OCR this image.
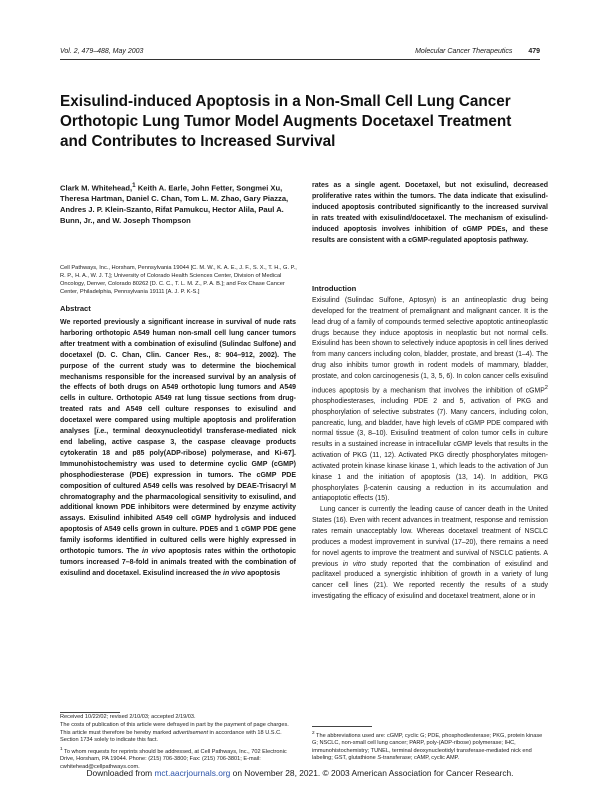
Vol. 2, 479–488, May 2003	Molecular Cancer Therapeutics 479
Exisulind-induced Apoptosis in a Non-Small Cell Lung Cancer Orthotopic Lung Tumor Model Augments Docetaxel Treatment and Contributes to Increased Survival
Clark M. Whitehead,$^1$ Keith A. Earle, John Fetter, Songmei Xu, Theresa Hartman, Daniel C. Chan, Tom L. M. Zhao, Gary Piazza, Andres J. P. Klein-Szanto, Rifat Pamukcu, Hector Alila, Paul A. Bunn, Jr., and W. Joseph Thompson
Cell Pathways, Inc., Horsham, Pennsylvania 19044 [C. M. W., K. A. E., J. F., S. X., T. H., G. P., R. P., H. A., W. J. T.]; University of Colorado Health Sciences Center, Division of Medical Oncology, Denver, Colorado 80262 [D. C. C., T. L. M. Z., P. A. B.]; and Fox Chase Cancer Center, Philadelphia, Pennsylvania 19111 [A. J. P. K-S.]
Abstract

We reported previously a significant increase in survival of nude rats harboring orthotopic A549 human non-small cell lung cancer tumors after treatment with a combination of exisulind (Sulindac Sulfone) and docetaxel (D. C. Chan, Clin. Cancer Res., 8: 904–912, 2002). The purpose of the current study was to determine the biochemical mechanisms responsible for the increased survival by an analysis of the effects of both drugs on A549 orthotopic lung tumors and A549 cells in culture. Orthotopic A549 rat lung tissue sections from drug-treated rats and A549 cell culture responses to exisulind and docetaxel were compared using multiple apoptosis and proliferation analyses [i.e., terminal deoxynucleotidyl transferase-mediated nick end labeling, active caspase 3, the caspase cleavage products cytokeratin 18 and p85 poly(ADP-ribose) polymerase, and Ki-67]. Immunohistochemistry was used to determine cyclic GMP (cGMP) phosphodiesterase (PDE) expression in tumors. The cGMP PDE composition of cultured A549 cells was resolved by DEAE-Trisacryl M chromatography and the pharmacological sensitivity to exisulind, and additional known PDE inhibitors were determined by enzyme activity assays. Exisulind inhibited A549 cell cGMP hydrolysis and induced apoptosis of A549 cells grown in culture. PDE5 and 1 cGMP PDE gene family isoforms identified in cultured cells were highly expressed in orthotopic tumors. The in vivo apoptosis rates within the orthotopic tumors increased 7–8-fold in animals treated with the combination of exisulind and docetaxel. Exisulind increased the in vivo apoptosis

rates as a single agent. Docetaxel, but not exisulind, decreased proliferative rates within the tumors. The data indicate that exisulind-induced apoptosis contributed significantly to the increased survival in rats treated with exisulind/docetaxel. The mechanism of exisulind-induced apoptosis involves inhibition of cGMP PDEs, and these results are consistent with a cGMP-regulated apoptosis pathway.

Introduction

Exisulind (Sulindac Sulfone, Aptosyn) is an antineoplastic drug being developed for the treatment of premalignant and malignant cancer. It is the lead drug of a family of compounds termed selective apoptotic antineoplastic drugs because they induce apoptosis in neoplastic but not normal cells. Exisulind has been shown to selectively induce apoptosis in cell lines derived from many cancers including colon, bladder, prostate, and breast (1–4). The drug also inhibits tumor growth in rodent models of mammary, bladder, prostate, and colon carcinogenesis (1, 3, 5, 6). In colon cancer cells exisulind induces apoptosis by a mechanism that involves the inhibition of cGMP$^2$ phosphodiesterases, including PDE 2 and 5, activation of PKG and phosphorylation of selective substrates (7). Many cancers, including colon, pancreatic, lung, and bladder, have high levels of cGMP PDE compared with normal tissue (3, 8–10). Exisulind treatment of colon tumor cells in culture results in a sustained increase in intracellular cGMP levels that results in the activation of PKG (11, 12). Activated PKG directly phosphorylates mitogen-activated protein kinase kinase kinase 1, which leads to the activation of Jun kinase 1 and the initiation of apoptosis (13, 14). In addition, PKG phosphorylates β-catenin causing a reduction in its accumulation and antiapoptotic effects (15).

Lung cancer is currently the leading cause of cancer death in the United States (16). Even with recent advances in treatment, response and remission rates remain unacceptably low. Whereas docetaxel treatment of NSCLC produces a modest improvement in survival (17–20), there remains a need for novel agents to improve the treatment and survival of NSCLC patients. A previous in vitro study reported that the combination of exisulind and paclitaxel produced a synergistic inhibition of growth in a variety of lung cancer cell lines (21). We reported recently the results of a study investigating the efficacy of exisulind and docetaxel treatment, alone or in

Received 10/22/02; revised 2/10/03; accepted 2/19/03.

The costs of publication of this article were defrayed in part by the payment of page charges. This article must therefore be hereby marked advertisement in accordance with 18 U.S.C. Section 1734 solely to indicate this fact.

$^1$ To whom requests for reprints should be addressed, at Cell Pathways, Inc., 702 Electronic Drive, Horsham, PA 19044. Phone: (215) 706-3800; Fax: (215) 706-3801; E-mail: cwhitehead@cellpathways.com.

$^2$ The abbreviations used are: cGMP, cyclic G; PDE, phosphodiesterase; PKG, protein kinase G; NSCLC, non-small cell lung cancer; PARP, poly-(ADP-ribose) polymerase; IHC, immunohistochemistry; TUNEL, terminal deoxynucleotidyl transferase-mediated nick end labeling; GST, glutathione S-transferase; cAMP, cyclic AMP.
Downloaded from mct.aacrjournals.org on November 28, 2021. © 2003 American Association for Cancer Research.
